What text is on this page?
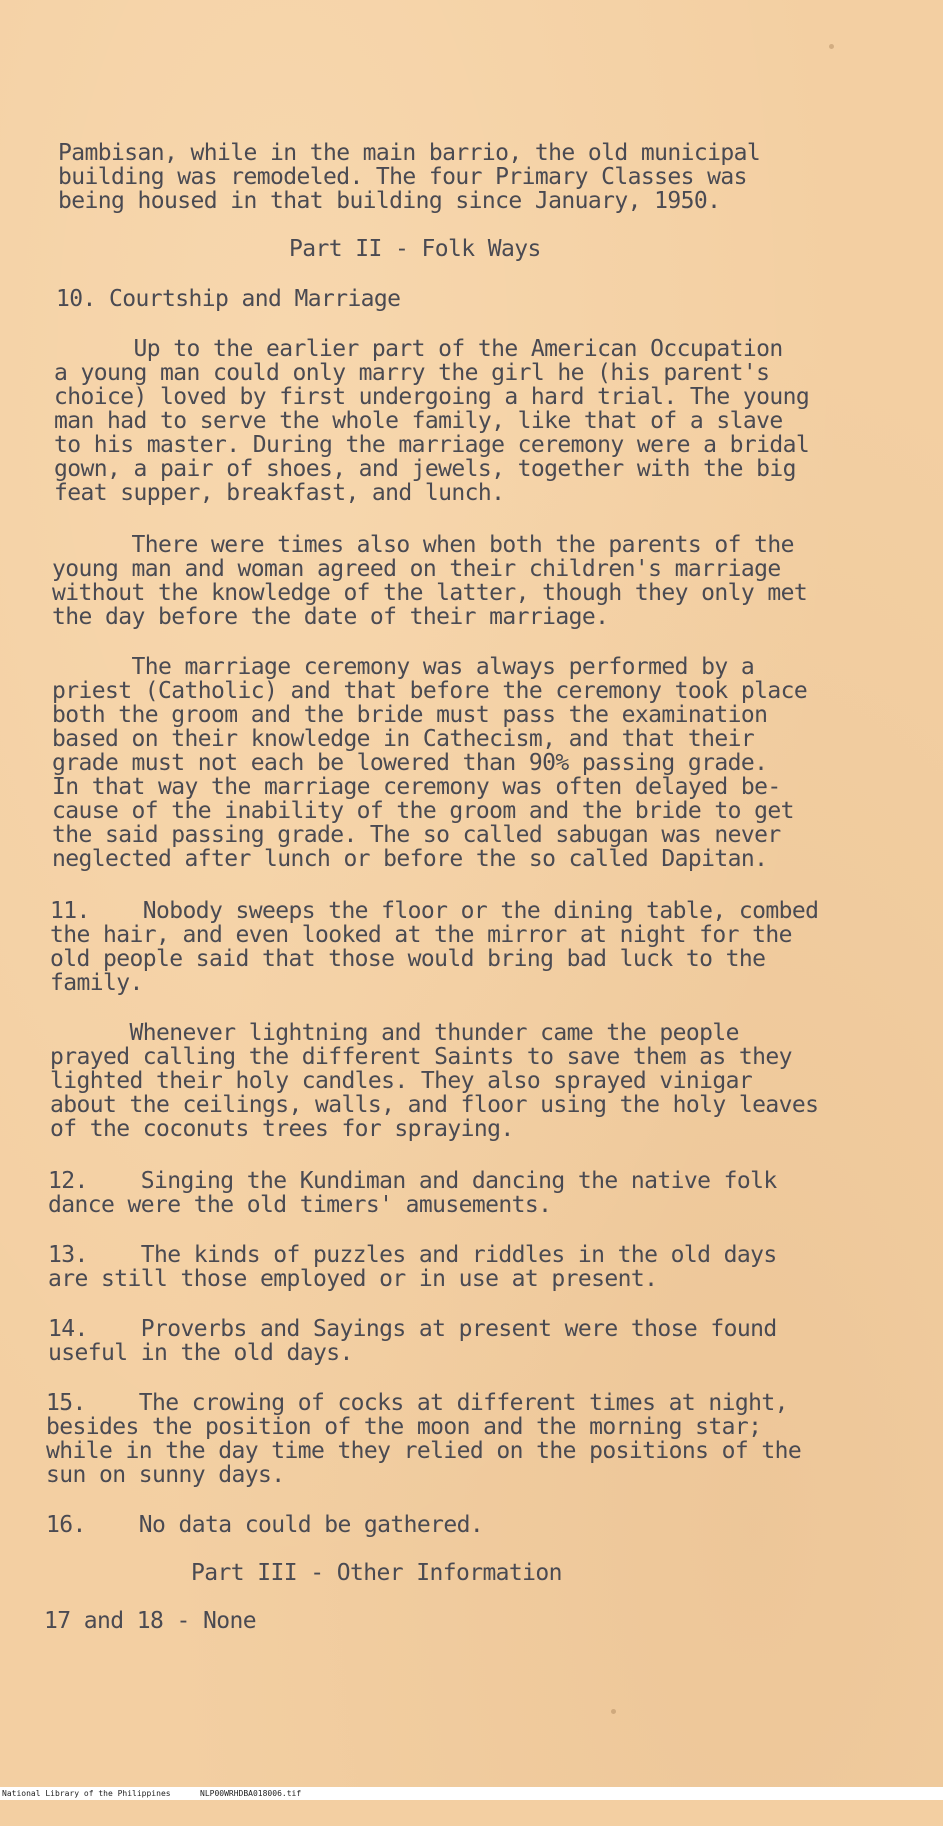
Pambisan, while in the main barrio, the old municipal

building was remodeled. The four Primary Classes was

being housed in that building since January, 1950.

Part II - Folk Ways

10. Courtship and Marriage

Up to the earlier part of the American Occupation

a young man could only marry the girl he (his parent's

choice) loved by first undergoing a hard trial. The young

man had to serve the whole family, like that of a slave

to his master. During the marriage ceremony were a bridal

gown, a pair of shoes, and jewels, together with the big

feat supper, breakfast, and lunch.

There were times also when both the parents of the

young man and woman agreed on their children's marriage

without the knowledge of the latter, though they only met

the day before the date of their marriage.

The marriage ceremony was always performed by a

priest (Catholic) and that before the ceremony took place

both the groom and the bride must pass the examination

based on their knowledge in Cathecism, and that their

grade must not each be lowered than 90% passing grade.

In that way the marriage ceremony was often delayed be-

cause of the inability of the groom and the bride to get

the said passing grade. The so called sabugan was never

neglected after lunch or before the so called Dapitan.

11.    Nobody sweeps the floor or the dining table, combed

the hair, and even looked at the mirror at night for the

old people said that those would bring bad luck to the

family.

Whenever lightning and thunder came the people

prayed calling the different Saints to save them as they

lighted their holy candles. They also sprayed vinigar

about the ceilings, walls, and floor using the holy leaves

of the coconuts trees for spraying.

12.    Singing the Kundiman and dancing the native folk

dance were the old timers' amusements.

13.    The kinds of puzzles and riddles in the old days

are still those employed or in use at present.

14.    Proverbs and Sayings at present were those found

useful in the old days.

15.    The crowing of cocks at different times at night,

besides the position of the moon and the morning star;

while in the day time they relied on the positions of the

sun on sunny days.

16.    No data could be gathered.

Part III - Other Information

17 and 18 - None

National Library of the Philippines

	NLP00WRHDBA018006.tif
